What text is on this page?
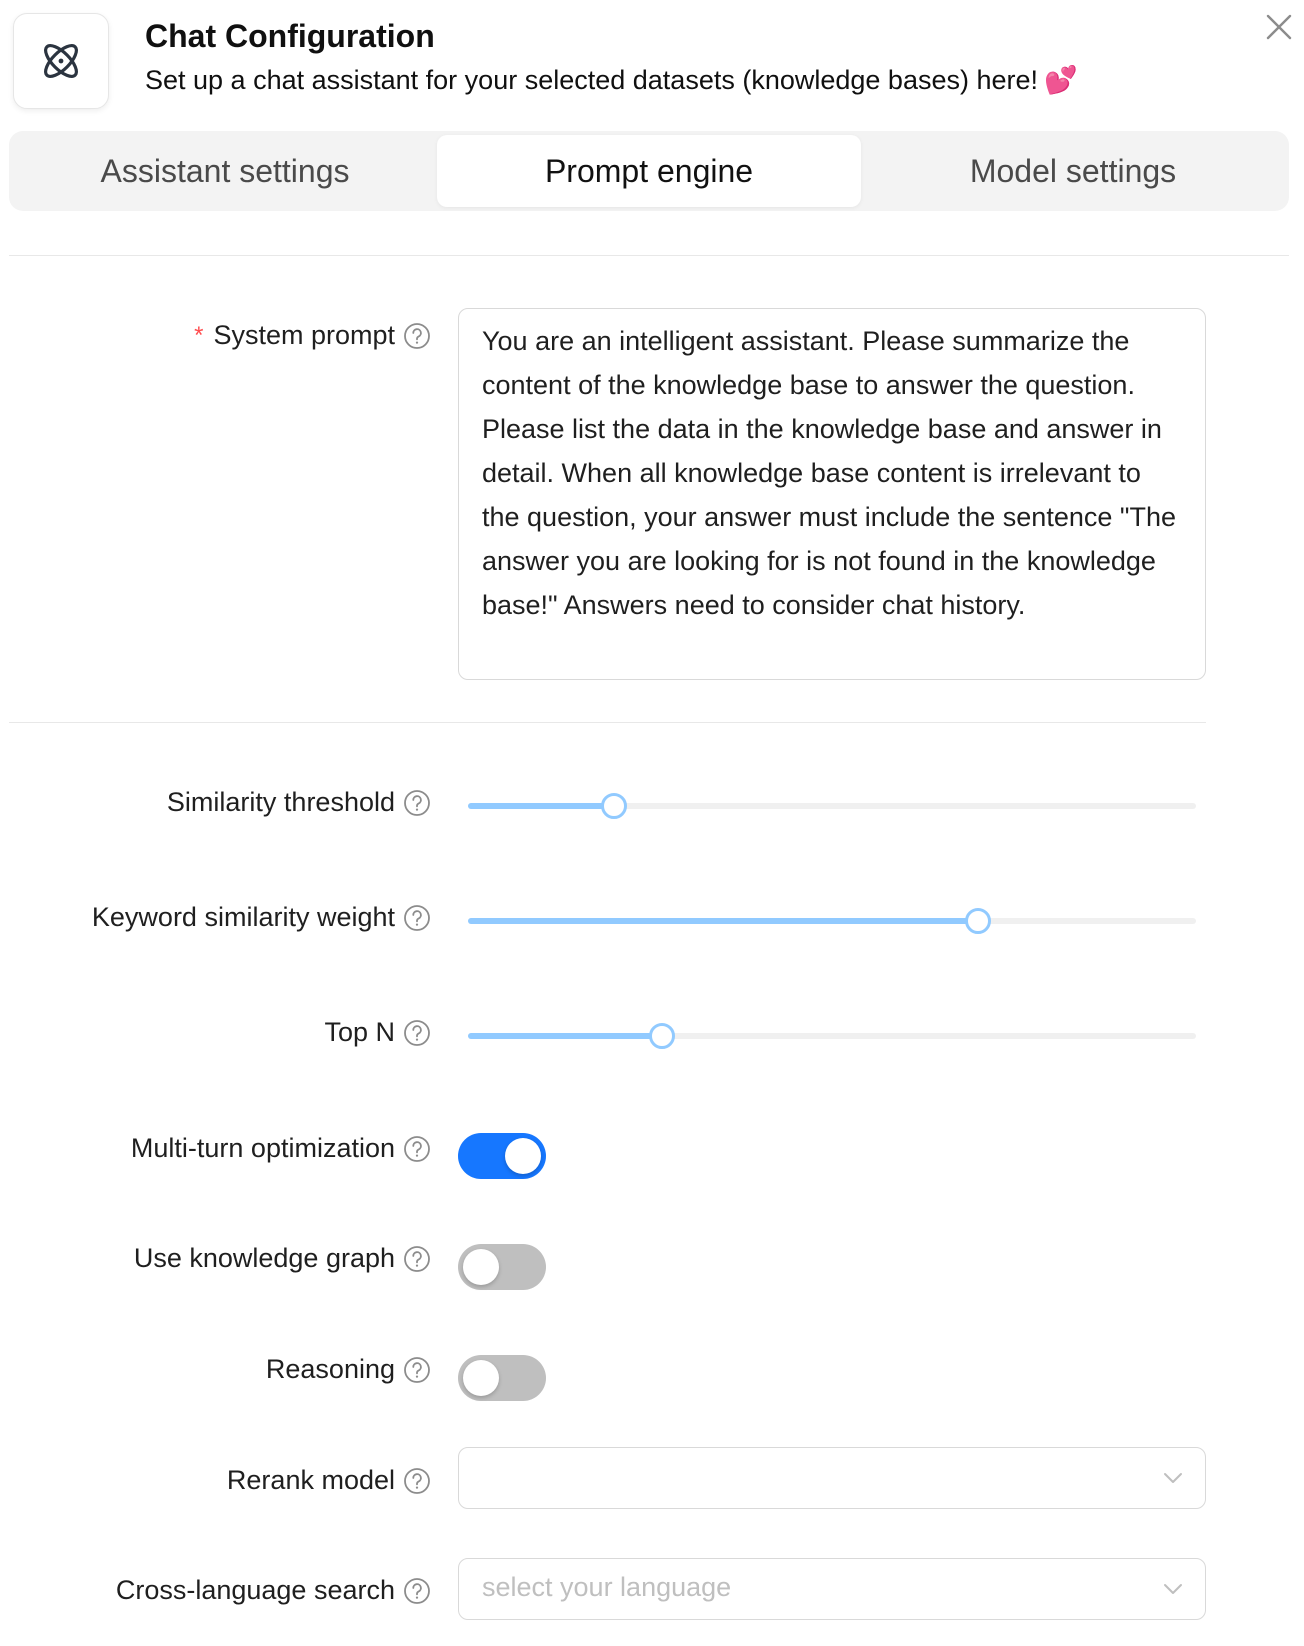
Chat Configuration

Set up a chat assistant for your selected datasets (knowledge bases) here! 💕

Assistant settings	Prompt engine	Model settings
* System prompt	You are an intelligent assistant. Please summarize the content of the knowledge base to answer the question. Please list the data in the knowledge base and answer in detail. When all knowledge base content is irrelevant to the question, your answer must include the sentence "The answer you are looking for is not found in the knowledge base!" Answers need to consider chat history.
Similarity threshold
Keyword similarity weight
Top N
Multi-turn optimization
Use knowledge graph
Reasoning
Rerank model
Cross-language search	select your language
